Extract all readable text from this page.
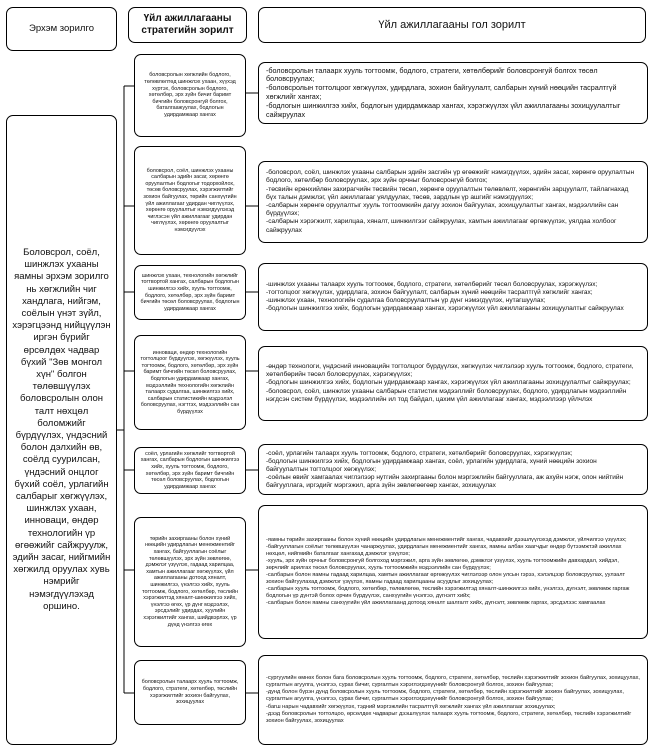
Эрхэм зорилго
Үйл ажиллагааны стратегийн зорилт	Үйл ажиллагааны гол зорилт
Боловсрол, соёл, шинжлэх ухааны яамны эрхэм зорилго нь хөгжлийн чиг хандлага, нийгэм, соёлын үнэт зүйл, хэрэгцээнд нийцүүлэн иргэн бүрийг өрсөлдөх чадвар бүхий "Зөв монгол хүн" болгон төлөвшүүлэх боловсролын олон талт нөхцөл боломжийг бүрдүүлэх, үндэсний болон дэлхийн өв, соёлд суурилсан, үндэсний онцлог бүхий соёл, урлагийн салбарыг хөгжүүлэх, шинжлэх ухаан, инноваци, өндөр технологийн үр өгөөжийг сайжруулж, эдийн засаг, нийгмийн хөгжилд оруулах хувь нэмрийг нэмэгдүүлэхэд оршино.
боловсролын хөгжлийн бодлого, төлөвлөлтөд шинжлэх ухаан, хүүхэд хүртэх, боловсролын бодлого, хөтөлбөр, эрх зүйн бичиг баримт бичгийн боловсронгуй болгох, баталгаажуулах, бодлогын удирдамжаар хангах
-боловсролын талаарх хууль тогтоомж, бодлого, стратеги, хөтөлбөрийг боловсронгуй болгох төсөл боловсруулах;
-боловсролын тогтолцоог хөгжүүлэх, удирдлага, зохион байгуулалт, салбарын хүний нөөцийн тасралтгүй хөгжлийг хангах;
-бодлогын шинжилгээ хийх, бодлогын удирдамжаар хангах, хэрэгжүүлэх үйл ажиллагааны зохицуулалтыг сайжруулах
боловсрол, соёл, шинжлэх ухааны салбарын эдийн засаг, хөрөнгө оруулалтын бодлогыг тодорхойлох, төсөв боловсруулах, хэрэгжилтийг зохион байгуулах, төрийн санхүүгийн үйл ажиллагааг удирдан чиглүүлэх, хөрөнгө оруулалтыг нэмэгдүүлэхэд чиглэсэн үйл ажиллагааг удирдан чиглүүлэх, хөрөнгө оруулалтыг нэмэгдүүлэх
-боловсрол, соёл, шинжлэх ухааны салбарын эдийн засгийн үр өгөөжийг нэмэгдүүлэх, эдийн засаг, хөрөнгө оруулалтын бодлого, хөтөлбөр боловсруулах, эрх зүйн орчныг боловсронгуй болгох;
-төсвийн ерөнхийлөн захирагчийн төсвийн төсөл, хөрөнгө оруулалтын төлөвлөлт, хөрөнгийн зарцуулалт, тайлагнахад бүх талын дэмжлэг, үйл ажиллагааг уялдуулах, төсөв, зардлын үр ашгийг нэмэгдүүлэх;
-салбарын хөрөнгө оруулалтыг хууль тогтоомжийн дагуу зохион байгуулах, зохицуулалтыг хангах, мэдээллийн сан бүрдүүлэх;
-салбарын хэрэгжилт, харилцаа, хяналт, шинжилгээг сайжруулах, хамтын ажиллагааг өргөжүүлэх, уялдаа холбоог сайжруулах
шинжлэх ухаан, технологийн хөгжлийг тогтвортой хангах, салбарын бодлогын шинжилгээ хийх, хууль тогтоомж, бодлого, хөтөлбөр, эрх зүйн баримт бичгийн төсөл боловсруулах, бодлогын удирдамжаар хангах
-шинжлэх ухааны талаарх хууль тогтоомж, бодлого, стратеги, хөтөлбөрийг төсөл боловсруулах, хэрэгжүүлэх;
-тогтолцоог хөгжүүлэх, удирдлага, зохион байгуулалт, салбарын хүний нөөцийн тасралтгүй хөгжлийг хангах;
-шинжлэх ухаан, технологийн судалгаа боловсруулалтын үр дүнг нэмэгдүүлэх, нутагшуулах;
-бодлогын шинжилгээ хийх, бодлогын удирдамжаар хангах, хэрэгжүүлэх үйл ажиллагааны зохицуулалтыг сайжруулах
инноваци, өндөр технологийн тогтолцоог бүрдүүлэх, хөгжүүлэх, хууль тогтоомж, бодлого, хөтөлбөр, эрх зүйн баримт бичгийн төсөл боловсруулах, бодлогын удирдамжаар хангах, мэдээллийн технологийн хөгжлийн талаарх судалгаа, шинжилгээ хийх, салбарын статистикийн мэдээлэл боловсруулах, нэгтгэх, мэдээллийн сан бүрдүүлэх
-өндөр технологи, үндэсний инновацийн тогтолцоог бүрдүүлэх, хөгжүүлэх чиглэлээр хууль тогтоомж, бодлого, стратеги, хөтөлбөрийн төсөл боловсруулах, хэрэгжүүлэх;
-бодлогын шинжилгээ хийх, бодлогын удирдамжаар хангах, хэрэгжүүлэх үйл ажиллагааны зохицуулалтыг сайжруулах;
-боловсрол, соёл, шинжлэх ухааны салбарын статистик мэдээллийг боловсруулах, бодлого, удирдлагын мэдээллийн нэгдсэн систем бүрдүүлэх, мэдээллийн ил тод байдал, цахим үйл ажиллагааг хангах, мэдээллээр үйлчлэх
соёл, урлагийн хөгжлийг тогтвортой хангах, салбарын бодлогын шинжилгээ хийх, хууль тогтоомж, бодлого, хөтөлбөр, эрх зүйн баримт бичгийн төсөл боловсруулах, бодлогын удирдамжаар хангах
-соёл, урлагийн талаарх хууль тогтоомж, бодлого, стратеги, хөтөлбөрийг боловсруулах, хэрэгжүүлэх;
-бодлогын шинжилгээ хийх, бодлогын удирдамжаар хангах, соёл, урлагийн удирдлага, хүний нөөцийн зохион байгуулалтын тогтолцоог хөгжүүлэх;
-соёлын өвийг хамгаалах чиглэлээр нутгийн захиргааны болон мэргэжлийн байгууллага, аж ахуйн нэгж, олон нийтийн байгууллага, иргэдийг мэргэжил, арга зүйн зөвлөгөөгөөр хангах, зохицуулах
төрийн захиргааны болон хүний нөөцийн удирдлагын менежментийг хангах, байгууллагын соёлыг төлөвшүүлэх, эрх зүйн зөвлөгөө, дэмжлэг үзүүлэх, гадаад харилцаа, хамтын ажиллагааг хөгжүүлэх, үйл ажиллагааны дотоод хяналт, шинжилгээ, үнэлгээ хийх, хууль тогтоомж, бодлого, хөтөлбөр, төслийн хэрэгжилтэд хяналт-шинжилгээ хийх, үнэлгээ өгөх, үр дүнг мэдээлэх, эрсдэлийг удирдах, хуулийн хэрэгжилтийг хангах, шийдвэрлэх, үр дүнд үнэлгээ өгөх
-яамны төрийн захиргааны болон хүний нөөцийн удирдлагын менежментийг хангах, чадавхийг дээшлүүлэхэд дэмжлэг, үйлчилгээ үзүүлэх;
-байгууллагын соёлыг төлөвшүүлэн чанаржуулах, удирдлагын менежментийг хангах, яамны албан хаагчдыг өндөр бүтээмжтэй ажиллах нөхцөл, нийгмийн баталгааг хангахад дэмжлэг үзүүлэх;
-хууль, эрх зүйн орчныг боловсронгуй болгоход мэргэжил, арга зүйн зөвлөгөө, дэмжлэг үзүүлэх, хууль тогтоомжийн давхардал, хийдэл, зөрчлийг арилгах төсөл боловсруулах, хууль тогтоомжийн мэдээллийн сан бүрдүүлэх;
-салбарын болон яамны гадаад харилцаа, хамтын ажиллагааг өргөжүүлэх чиглэлээр олон улсын гэрээ, хэлэлцээр боловсруулах, уулзалт зохион байгуулахад дэмжлэг үзүүлэх, яамны гадаад харилцааны асуудлыг зохицуулах;
-салбарын хууль тогтоомж, бодлого, хөтөлбөр, төлөвлөгөө, төслийн хэрэгжилтэд хяналт-шинжилгээ хийх, үнэлгээ, дүгнэлт, зөвлөмж гаргаж бодлогын үр дүнтэй болох орчин бүрдүүлэх, санхүүгийн үнэлгээ, дүгнэлт хийх;
-салбарын болон яамны санхүүгийн үйл ажиллагаанд дотоод хяналт шалгалт хийх, дүгнэлт, зөвлөмж гаргах, эрсдэлээс хамгаалах
боловсролын талаарх хууль тогтоомж, бодлого, стратеги, хөтөлбөр, төслийн хэрэгжилтийг зохион байгуулах, зохицуулах
-сургуулийн өмнөх болон бага боловсролын хууль тогтоомж, бодлого, стратеги, хөтөлбөр, төслийн хэрэгжилтийг зохион байгуулах, зохицуулах, сургалтын агуулга, үнэлгээ, сурах бичиг, сургалтын хэрэглэгдэхүүнийг боловсронгуй болгох, зохион байгуулах;
-дунд болон бүрэн дунд боловсролын хууль тогтоомж, бодлого, стратеги, хөтөлбөр, төслийн хэрэгжилтийг зохион байгуулах, зохицуулах, сургалтын агуулга, үнэлгээ, сурах бичиг, сургалтын хэрэглэгдэхүүнийг боловсронгуй болгох, зохион байгуулах;
-багш нарын чадавхийг хөгжүүлэх, тэдний мэргэжлийн тасралтгүй хөгжлийг хангах үйл ажиллагааг зохицуулах;
-дээд боловсролын тогтолцоо, өрсөлдөх чадварыг дээшлүүлэх талаарх хууль тогтоомж, бодлого, стратеги, хөтөлбөр, төслийн хэрэгжилтийг зохион байгуулах, зохицуулах
